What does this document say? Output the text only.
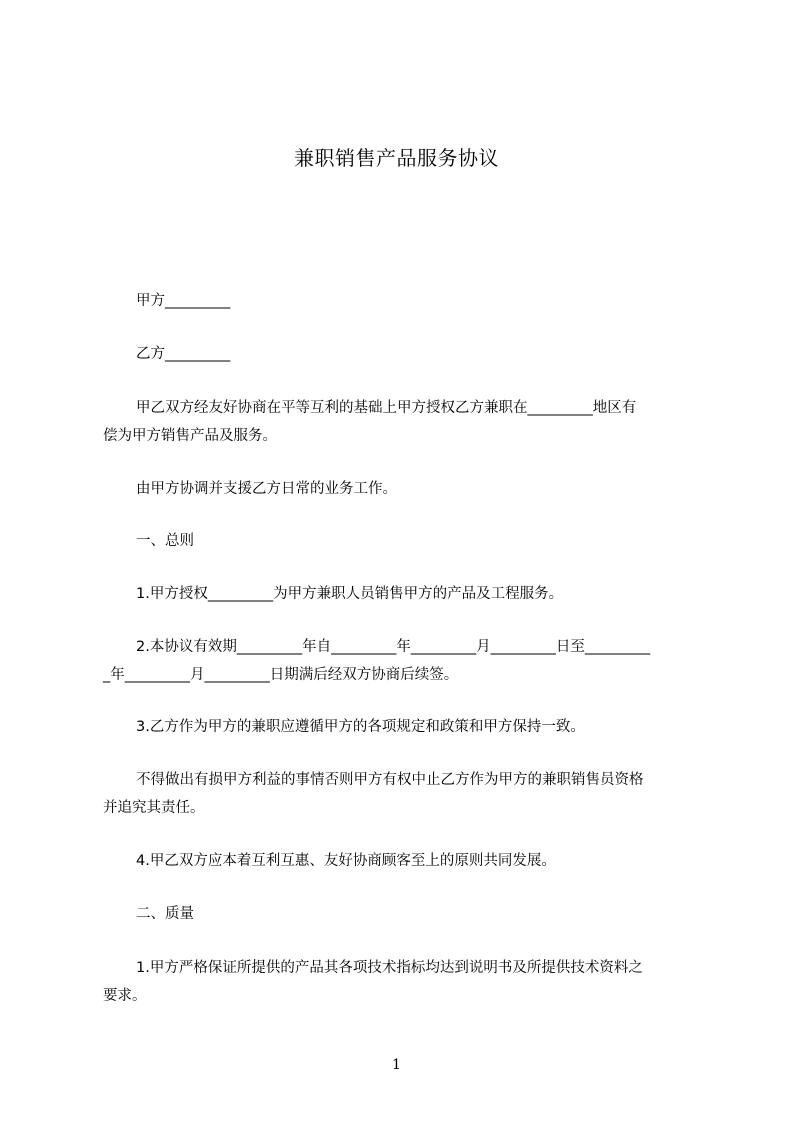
兼职销售产品服务协议
甲方_________
乙方_________
甲乙双方经友好协商在平等互利的基础上甲方授权乙方兼职在_________地区有
偿为甲方销售产品及服务。
由甲方协调并支援乙方日常的业务工作。
一、总则
1.甲方授权_________为甲方兼职人员销售甲方的产品及工程服务。
2.本协议有效期_________年自_________年_________月_________日至_________
_年_________月_________日期满后经双方协商后续签。
3.乙方作为甲方的兼职应遵循甲方的各项规定和政策和甲方保持一致。
不得做出有损甲方利益的事情否则甲方有权中止乙方作为甲方的兼职销售员资格
并追究其责任。
4.甲乙双方应本着互利互惠、友好协商顾客至上的原则共同发展。
二、质量
1.甲方严格保证所提供的产品其各项技术指标均达到说明书及所提供技术资料之
要求。
1
